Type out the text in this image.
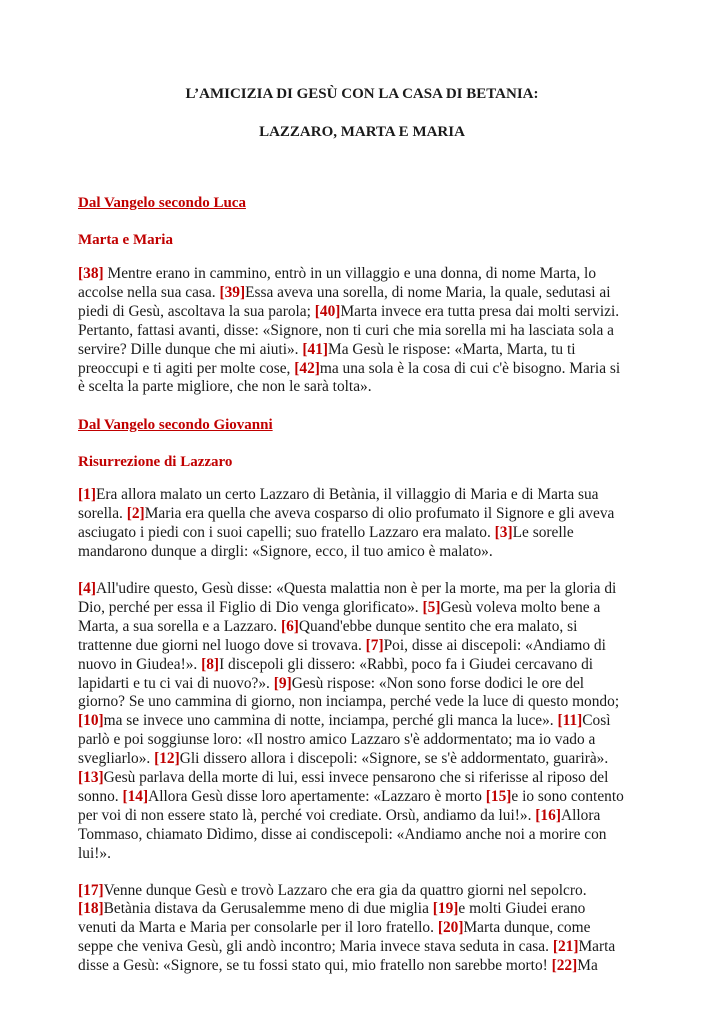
L’AMICIZIA DI GESÙ CON LA CASA DI BETANIA:

LAZZARO, MARTA E MARIA

Dal Vangelo secondo Luca

Marta e Maria

[38] Mentre erano in cammino, entrò in un villaggio e una donna, di nome Marta, lo
accolse nella sua casa. [39]Essa aveva una sorella, di nome Maria, la quale, sedutasi ai
piedi di Gesù, ascoltava la sua parola; [40]Marta invece era tutta presa dai molti servizi.
Pertanto, fattasi avanti, disse: «Signore, non ti curi che mia sorella mi ha lasciata sola a
servire? Dille dunque che mi aiuti». [41]Ma Gesù le rispose: «Marta, Marta, tu ti
preoccupi e ti agiti per molte cose, [42]ma una sola è la cosa di cui c'è bisogno. Maria si
è scelta la parte migliore, che non le sarà tolta».

Dal Vangelo secondo Giovanni

Risurrezione di Lazzaro

[1]Era allora malato un certo Lazzaro di Betània, il villaggio di Maria e di Marta sua
sorella. [2]Maria era quella che aveva cosparso di olio profumato il Signore e gli aveva
asciugato i piedi con i suoi capelli; suo fratello Lazzaro era malato. [3]Le sorelle
mandarono dunque a dirgli: «Signore, ecco, il tuo amico è malato».
[4]All'udire questo, Gesù disse: «Questa malattia non è per la morte, ma per la gloria di
Dio, perché per essa il Figlio di Dio venga glorificato». [5]Gesù voleva molto bene a
Marta, a sua sorella e a Lazzaro. [6]Quand'ebbe dunque sentito che era malato, si
trattenne due giorni nel luogo dove si trovava. [7]Poi, disse ai discepoli: «Andiamo di
nuovo in Giudea!». [8]I discepoli gli dissero: «Rabbì, poco fa i Giudei cercavano di
lapidarti e tu ci vai di nuovo?». [9]Gesù rispose: «Non sono forse dodici le ore del
giorno? Se uno cammina di giorno, non inciampa, perché vede la luce di questo mondo;
[10]ma se invece uno cammina di notte, inciampa, perché gli manca la luce». [11]Così
parlò e poi soggiunse loro: «Il nostro amico Lazzaro s'è addormentato; ma io vado a
svegliarlo». [12]Gli dissero allora i discepoli: «Signore, se s'è addormentato, guarirà».
[13]Gesù parlava della morte di lui, essi invece pensarono che si riferisse al riposo del
sonno. [14]Allora Gesù disse loro apertamente: «Lazzaro è morto [15]e io sono contento
per voi di non essere stato là, perché voi crediate. Orsù, andiamo da lui!». [16]Allora
Tommaso, chiamato Dìdimo, disse ai condiscepoli: «Andiamo anche noi a morire con
lui!».
[17]Venne dunque Gesù e trovò Lazzaro che era gia da quattro giorni nel sepolcro.
[18]Betània distava da Gerusalemme meno di due miglia [19]e molti Giudei erano
venuti da Marta e Maria per consolarle per il loro fratello. [20]Marta dunque, come
seppe che veniva Gesù, gli andò incontro; Maria invece stava seduta in casa. [21]Marta
disse a Gesù: «Signore, se tu fossi stato qui, mio fratello non sarebbe morto! [22]Ma
